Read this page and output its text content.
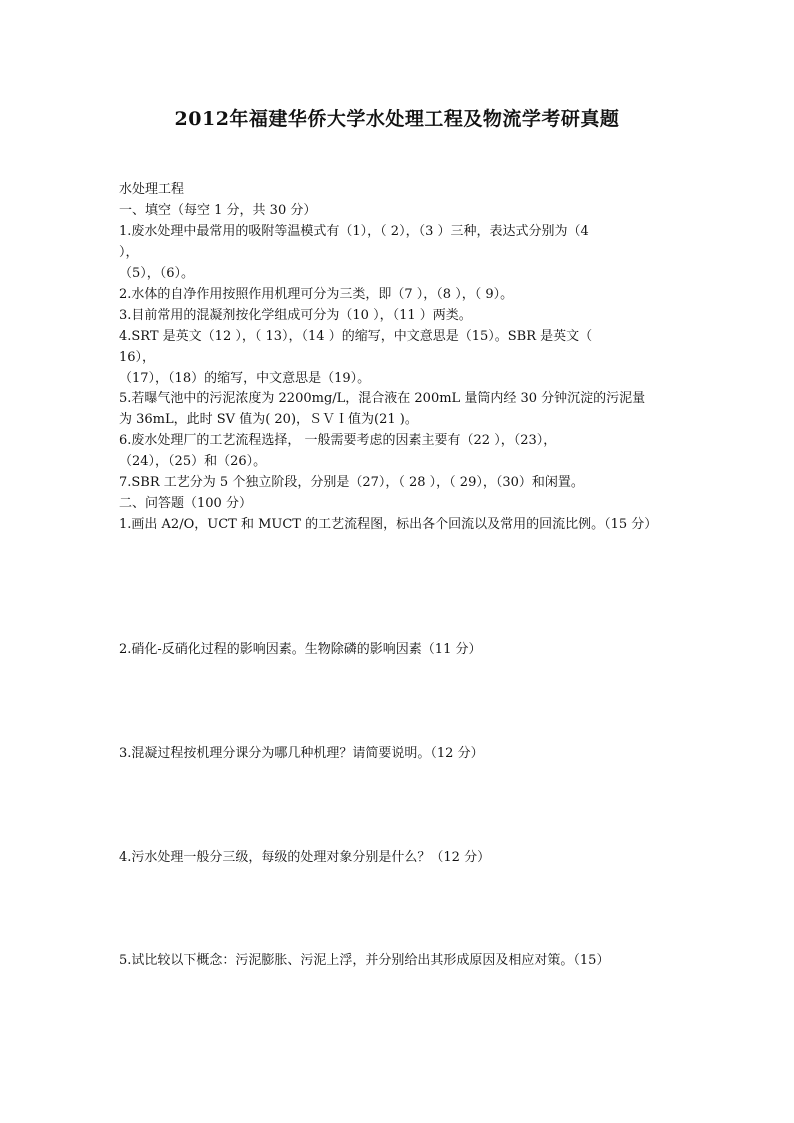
2012年福建华侨大学水处理工程及物流学考研真题
水处理工程
一、填空（每空 1 分，共 30 分）
1.废水处理中最常用的吸附等温模式有（1），（ 2），（3 ）三种，表达式分别为（4
），
（5），（6）。
2.水体的自净作用按照作用机理可分为三类，即（7 ），（8 ），（ 9）。
3.目前常用的混凝剂按化学组成可分为（10 ），（11 ）两类。
4.SRT 是英文（12 ），（ 13），（14 ）的缩写，中文意思是（15）。SBR 是英文（
16），
（17），（18）的缩写，中文意思是（19）。
5.若曝气池中的污泥浓度为 2200mg/L，混合液在 200mL 量筒内经 30 分钟沉淀的污泥量
为 36mL，此时 SV 值为( 20)，ＳＶＩ值为(21 )。
6.废水处理厂的工艺流程选择， 一般需要考虑的因素主要有（22 ），（23），
（24），（25）和（26）。
7.SBR 工艺分为 5 个独立阶段，分别是（27），（ 28 ），（ 29），（30）和闲置。
二、问答题（100 分）
1.画出 A2/O，UCT 和 MUCT 的工艺流程图，标出各个回流以及常用的回流比例。（15 分）
2.硝化-反硝化过程的影响因素。生物除磷的影响因素（11 分）
3.混凝过程按机理分课分为哪几种机理？请简要说明。（12 分）
4.污水处理一般分三级，每级的处理对象分别是什么？（12 分）
5.试比较以下概念：污泥膨胀、污泥上浮，并分别给出其形成原因及相应对策。（15）
